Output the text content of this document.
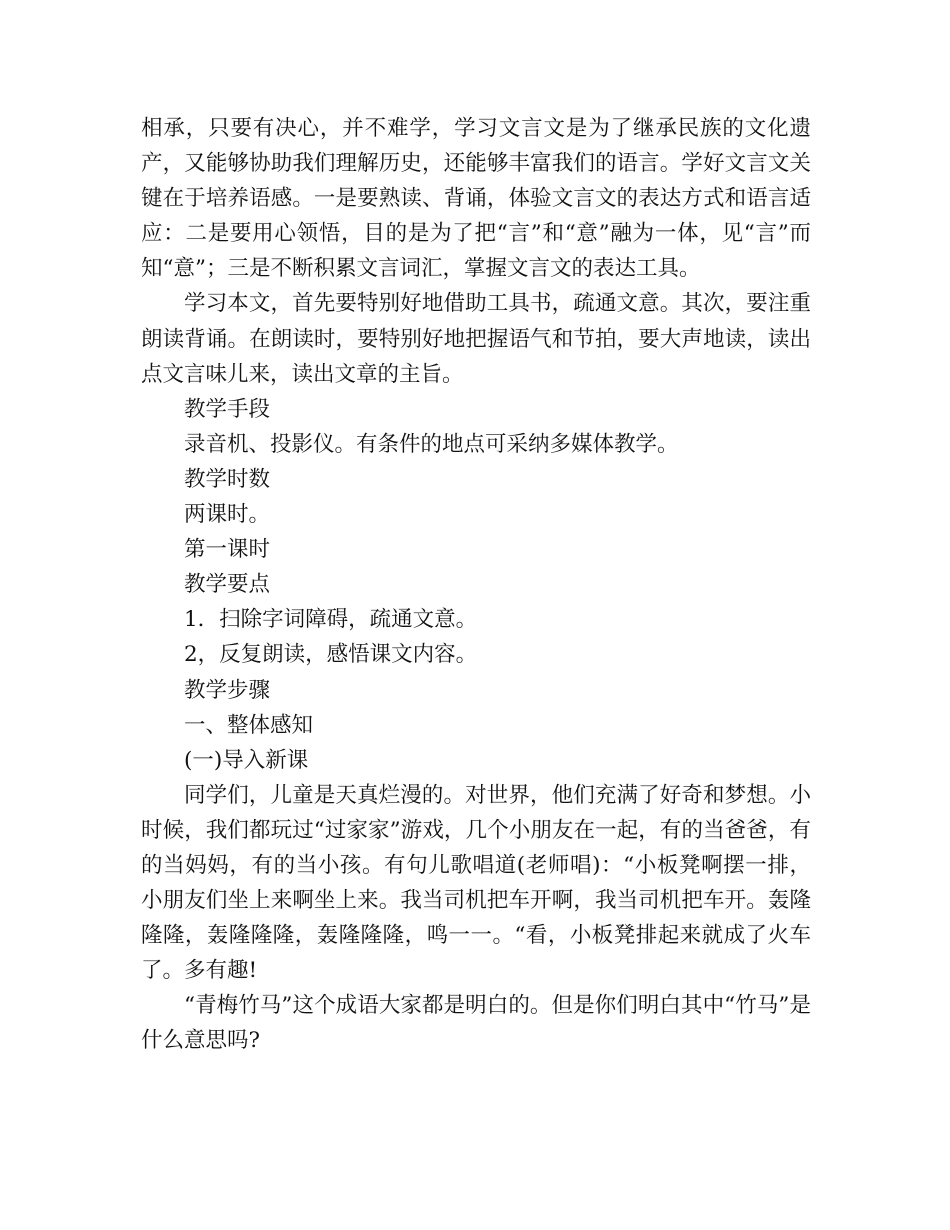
相承，只要有决心，并不难学，学习文言文是为了继承民族的文化遗产，又能够协助我们理解历史，还能够丰富我们的语言。学好文言文关键在于培养语感。一是要熟读、背诵，体验文言文的表达方式和语言适应：二是要用心领悟，目的是为了把“言”和“意”融为一体，见“言”而知“意”；三是不断积累文言词汇，掌握文言文的表达工具。

学习本文，首先要特别好地借助工具书，疏通文意。其次，要注重朗读背诵。在朗读时，要特别好地把握语气和节拍，要大声地读，读出点文言味儿来，读出文章的主旨。

教学手段

录音机、投影仪。有条件的地点可采纳多媒体教学。

教学时数

两课时。

第一课时

教学要点

1．扫除字词障碍，疏通文意。

2，反复朗读，感悟课文内容。

教学步骤

一、整体感知

(一)导入新课

同学们，儿童是天真烂漫的。对世界，他们充满了好奇和梦想。小时候，我们都玩过“过家家”游戏，几个小朋友在一起，有的当爸爸，有的当妈妈，有的当小孩。有句儿歌唱道(老师唱)：“小板凳啊摆一排，小朋友们坐上来啊坐上来。我当司机把车开啊，我当司机把车开。轰隆隆隆，轰隆隆隆，轰隆隆隆，鸣一一。“看，小板凳排起来就成了火车了。多有趣!

“青梅竹马”这个成语大家都是明白的。但是你们明白其中“竹马”是什么意思吗?
